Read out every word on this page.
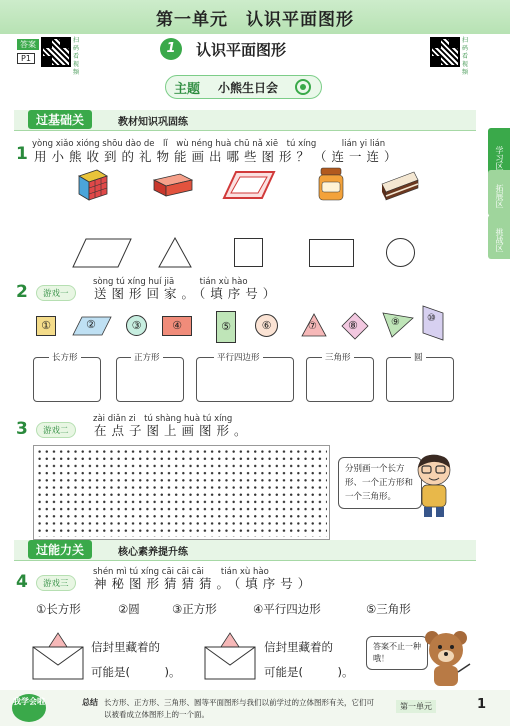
第一单元　认识平面图形
答案
P1
扫码看视频
1	认识平面图形
扫码看视频
主题 小熊生日会
学习区
拓展区
挑战区
过基础关	教材知识巩固练
yòng xiǎo xióng shōu dào de　lǐ　wù néng huà chū nǎ xiē　tú xíng　　　lián yi lián
1 用小熊收到的礼物能画出哪些图形？（连一连）
sòng tú xíng huí jiā　　　tián xù hào
2	游戏一	送图形回家。（填序号）
①	②	③	④	⑤	⑥	⑦	⑧	⑨	⑩
长方形	正方形	平行四边形	三角形	圆
zài diǎn zi　tú shàng huà tú xíng
3	游戏二	在点子图上画图形。
分别画一个长方形、一个正方形和一个三角形。
过能力关	核心素养提升练
shén mì tú xíng cāi cāi cāi　　tián xù hào
4	游戏三	神秘图形猜猜猜。（填序号）
①长方形	②圆	③正方形	④平行四边形	⑤三角形
信封里藏着的
可能是(　　　)。
信封里藏着的
可能是(　　　)。
答案不止一种哦！
我学会啦	总结 长方形、正方形、三角形、圆等平面图形与我们以前学过的立体图形有关，它们可以被看成立体图形上的一个面。
第一单元	1
